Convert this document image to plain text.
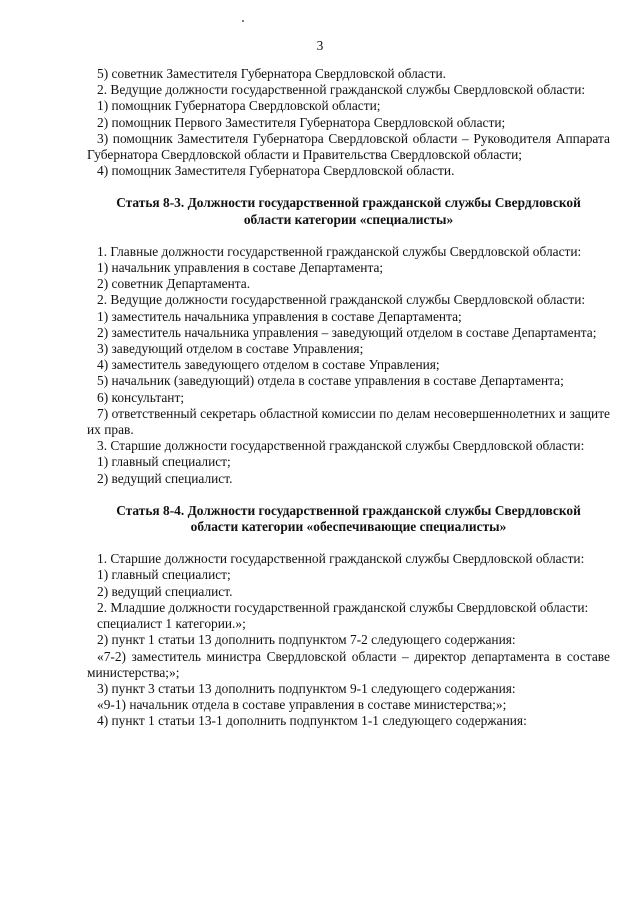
3

5) советник Заместителя Губернатора Свердловской области.

2. Ведущие должности государственной гражданской службы Свердловской области:

1) помощник Губернатора Свердловской области;

2) помощник Первого Заместителя Губернатора Свердловской области;

3) помощник Заместителя Губернатора Свердловской области – Руководителя Аппарата Губернатора Свердловской области и Правительства Свердловской области;

4) помощник Заместителя Губернатора Свердловской области.

Статья 8-3. Должности государственной гражданской службы Свердловской области категории «специалисты»

1. Главные должности государственной гражданской службы Свердловской области:

1) начальник управления в составе Департамента;

2) советник Департамента.

2. Ведущие должности государственной гражданской службы Свердловской области:

1) заместитель начальника управления в составе Департамента;

2) заместитель начальника управления – заведующий отделом в составе Департамента;

3) заведующий отделом в составе Управления;

4) заместитель заведующего отделом в составе Управления;

5) начальник (заведующий) отдела в составе управления в составе Департамента;

6) консультант;

7) ответственный секретарь областной комиссии по делам несовершеннолетних и защите их прав.

3. Старшие должности государственной гражданской службы Свердловской области:

1) главный специалист;

2) ведущий специалист.

Статья 8-4. Должности государственной гражданской службы Свердловской области категории «обеспечивающие специалисты»

1. Старшие должности государственной гражданской службы Свердловской области:

1) главный специалист;

2) ведущий специалист.

2. Младшие должности государственной гражданской службы Свердловской области:

специалист 1 категории.»;

2) пункт 1 статьи 13 дополнить подпунктом 7-2 следующего содержания:

«7-2) заместитель министра Свердловской области – директор департамента в составе министерства;»;

3) пункт 3 статьи 13 дополнить подпунктом 9-1 следующего содержания:

«9-1) начальник отдела в составе управления в составе министерства;»;

4) пункт 1 статьи 13-1 дополнить подпунктом 1-1 следующего содержания:
